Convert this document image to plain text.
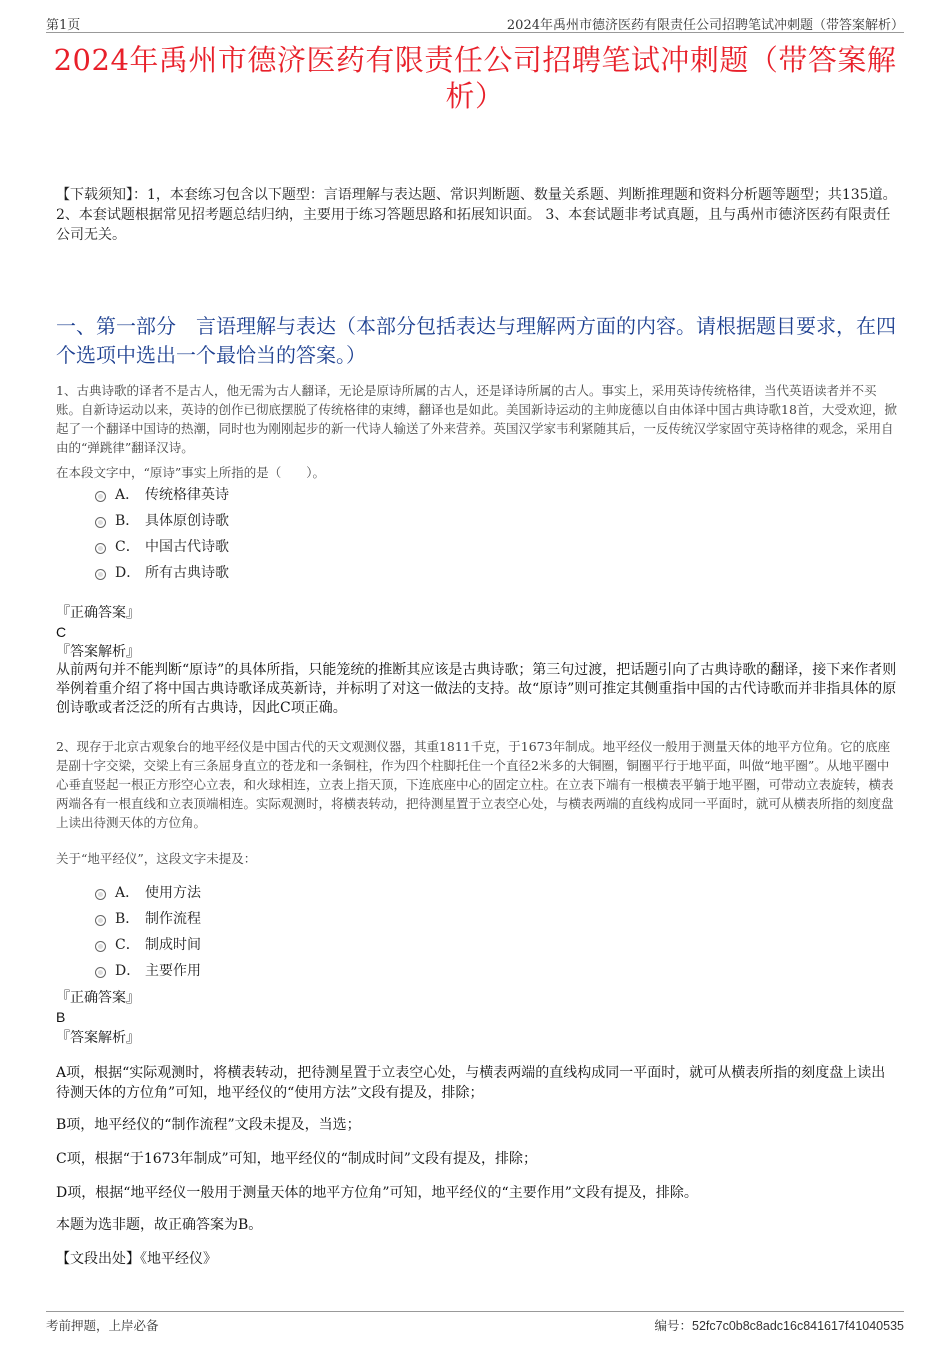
第1页	2024年禹州市德济医药有限责任公司招聘笔试冲刺题（带答案解析）
2024年禹州市德济医药有限责任公司招聘笔试冲刺题（带答案解析）
【下载须知】：1，本套练习包含以下题型：言语理解与表达题、常识判断题、数量关系题、判断推理题和资料分析题等题型；共135道。 2、本套试题根据常见招考题总结归纳，主要用于练习答题思路和拓展知识面。 3、本套试题非考试真题，且与禹州市德济医药有限责任公司无关。
一、第一部分　言语理解与表达（本部分包括表达与理解两方面的内容。请根据题目要求，在四个选项中选出一个最恰当的答案。）
1、古典诗歌的译者不是古人，他无需为古人翻译，无论是原诗所属的古人，还是译诗所属的古人。事实上，采用英诗传统格律，当代英语读者并不买账。自新诗运动以来，英诗的创作已彻底摆脱了传统格律的束缚，翻译也是如此。美国新诗运动的主帅庞德以自由体译中国古典诗歌18首，大受欢迎，掀起了一个翻译中国诗的热潮，同时也为刚刚起步的新一代诗人输送了外来营养。英国汉学家韦利紧随其后，一反传统汉学家固守英诗格律的观念，采用自由的“弹跳律”翻译汉诗。
在本段文字中，“原诗”事实上所指的是（　　）。
A． 传统格律英诗
B． 具体原创诗歌
C． 中国古代诗歌
D． 所有古典诗歌
『正确答案』
C
『答案解析』
从前两句并不能判断“原诗”的具体所指，只能笼统的推断其应该是古典诗歌；第三句过渡，把话题引向了古典诗歌的翻译，接下来作者则举例着重介绍了将中国古典诗歌译成英新诗，并标明了对这一做法的支持。故“原诗”则可推定其侧重指中国的古代诗歌而并非指具体的原创诗歌或者泛泛的所有古典诗，因此C项正确。
2、现存于北京古观象台的地平经仪是中国古代的天文观测仪器，其重1811千克，于1673年制成。地平经仪一般用于测量天体的地平方位角。它的底座是副十字交梁，交梁上有三条屈身直立的苍龙和一条铜柱，作为四个柱脚托住一个直径2米多的大铜圈，铜圈平行于地平面，叫做“地平圈”。从地平圈中心垂直竖起一根正方形空心立表，和火球相连，立表上指天顶，下连底座中心的固定立柱。在立表下端有一根横表平躺于地平圈，可带动立表旋转，横表两端各有一根直线和立表顶端相连。实际观测时，将横表转动，把待测星置于立表空心处，与横表两端的直线构成同一平面时，就可从横表所指的刻度盘上读出待测天体的方位角。
关于“地平经仪”，这段文字未提及：
A． 使用方法
B． 制作流程
C． 制成时间
D． 主要作用
『正确答案』
B
『答案解析』
A项，根据“实际观测时，将横表转动，把待测星置于立表空心处，与横表两端的直线构成同一平面时，就可从横表所指的刻度盘上读出待测天体的方位角”可知，地平经仪的“使用方法”文段有提及，排除；
B项，地平经仪的“制作流程”文段未提及，当选；
C项，根据“于1673年制成”可知，地平经仪的“制成时间”文段有提及，排除；
D项，根据“地平经仪一般用于测量天体的地平方位角”可知，地平经仪的“主要作用”文段有提及，排除。
本题为选非题，故正确答案为B。
【文段出处】《地平经仪》
考前押题，上岸必备	编号：52fc7c0b8c8adc16c841617f41040535
